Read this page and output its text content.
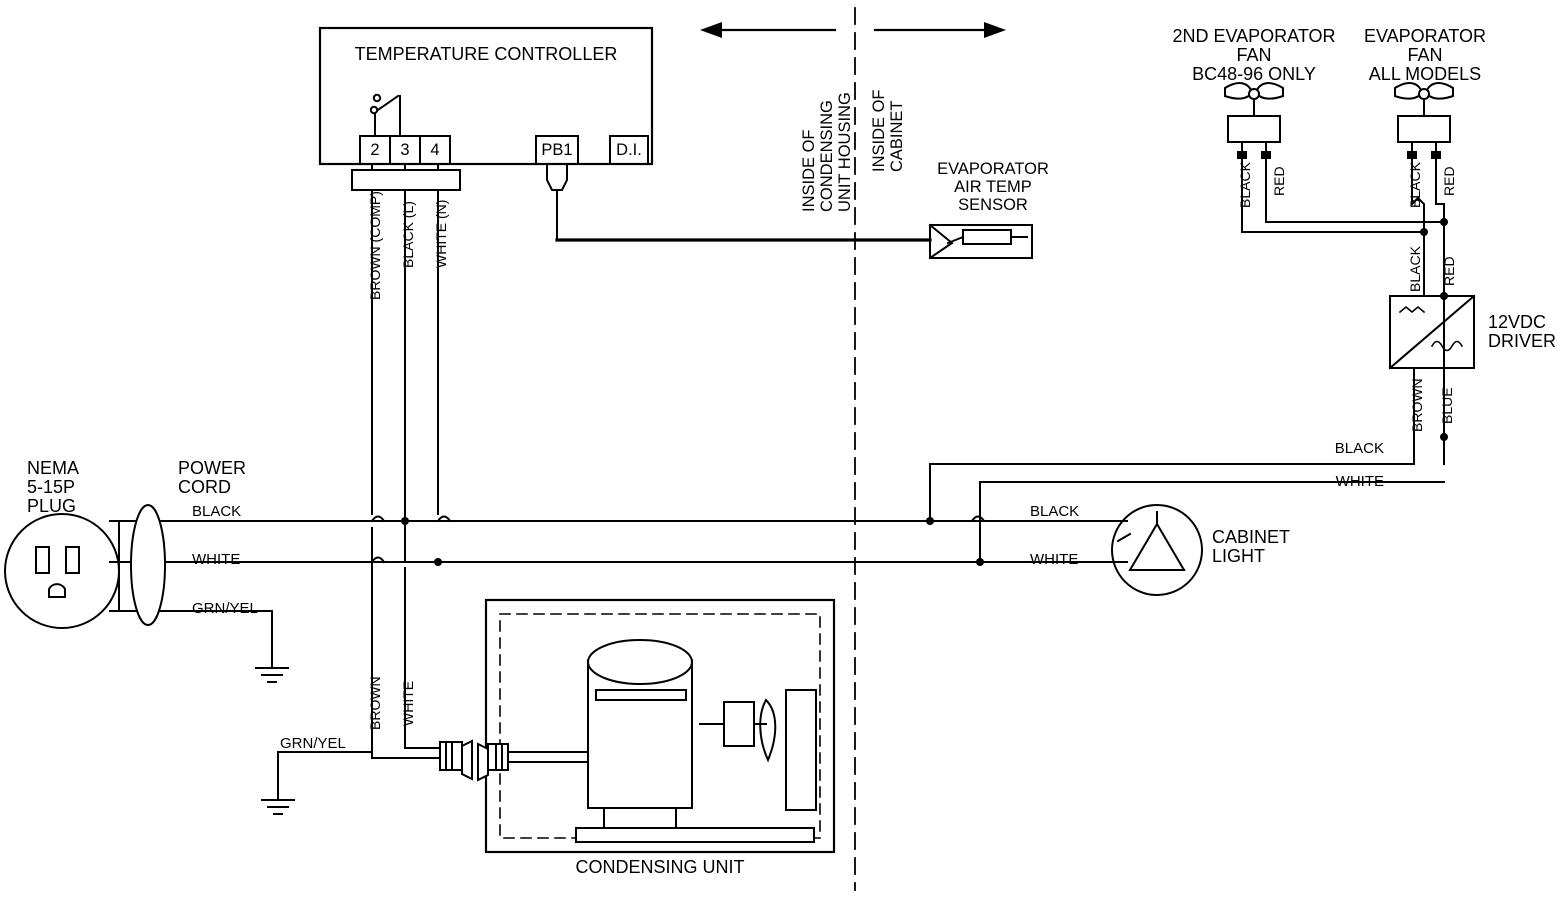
TEMPERATURE CONTROLLER
2	3	4	PB1	D.I.
BROWN (COMP) BLACK (L) WHITE (N)
INSIDE OF CONDENSING UNIT HOUSING INSIDE OF CABINET	EVAPORATOR
AIR TEMP
SENSOR
2ND EVAPORATOR
FAN
BC48-96 ONLY
EVAPORATOR
FAN
ALL MODELS
BLACK RED	BLACK RED
BLACK RED
12VDC
DRIVER
BROWN BLUE
BLACK
WHITE
NEMA
5-15P
PLUG
POWER
CORD
BLACK
WHITE
GRN/YEL
GRN/YEL
BLACK
WHITE
CABINET
LIGHT
BROWN WHITE
CONDENSING UNIT
